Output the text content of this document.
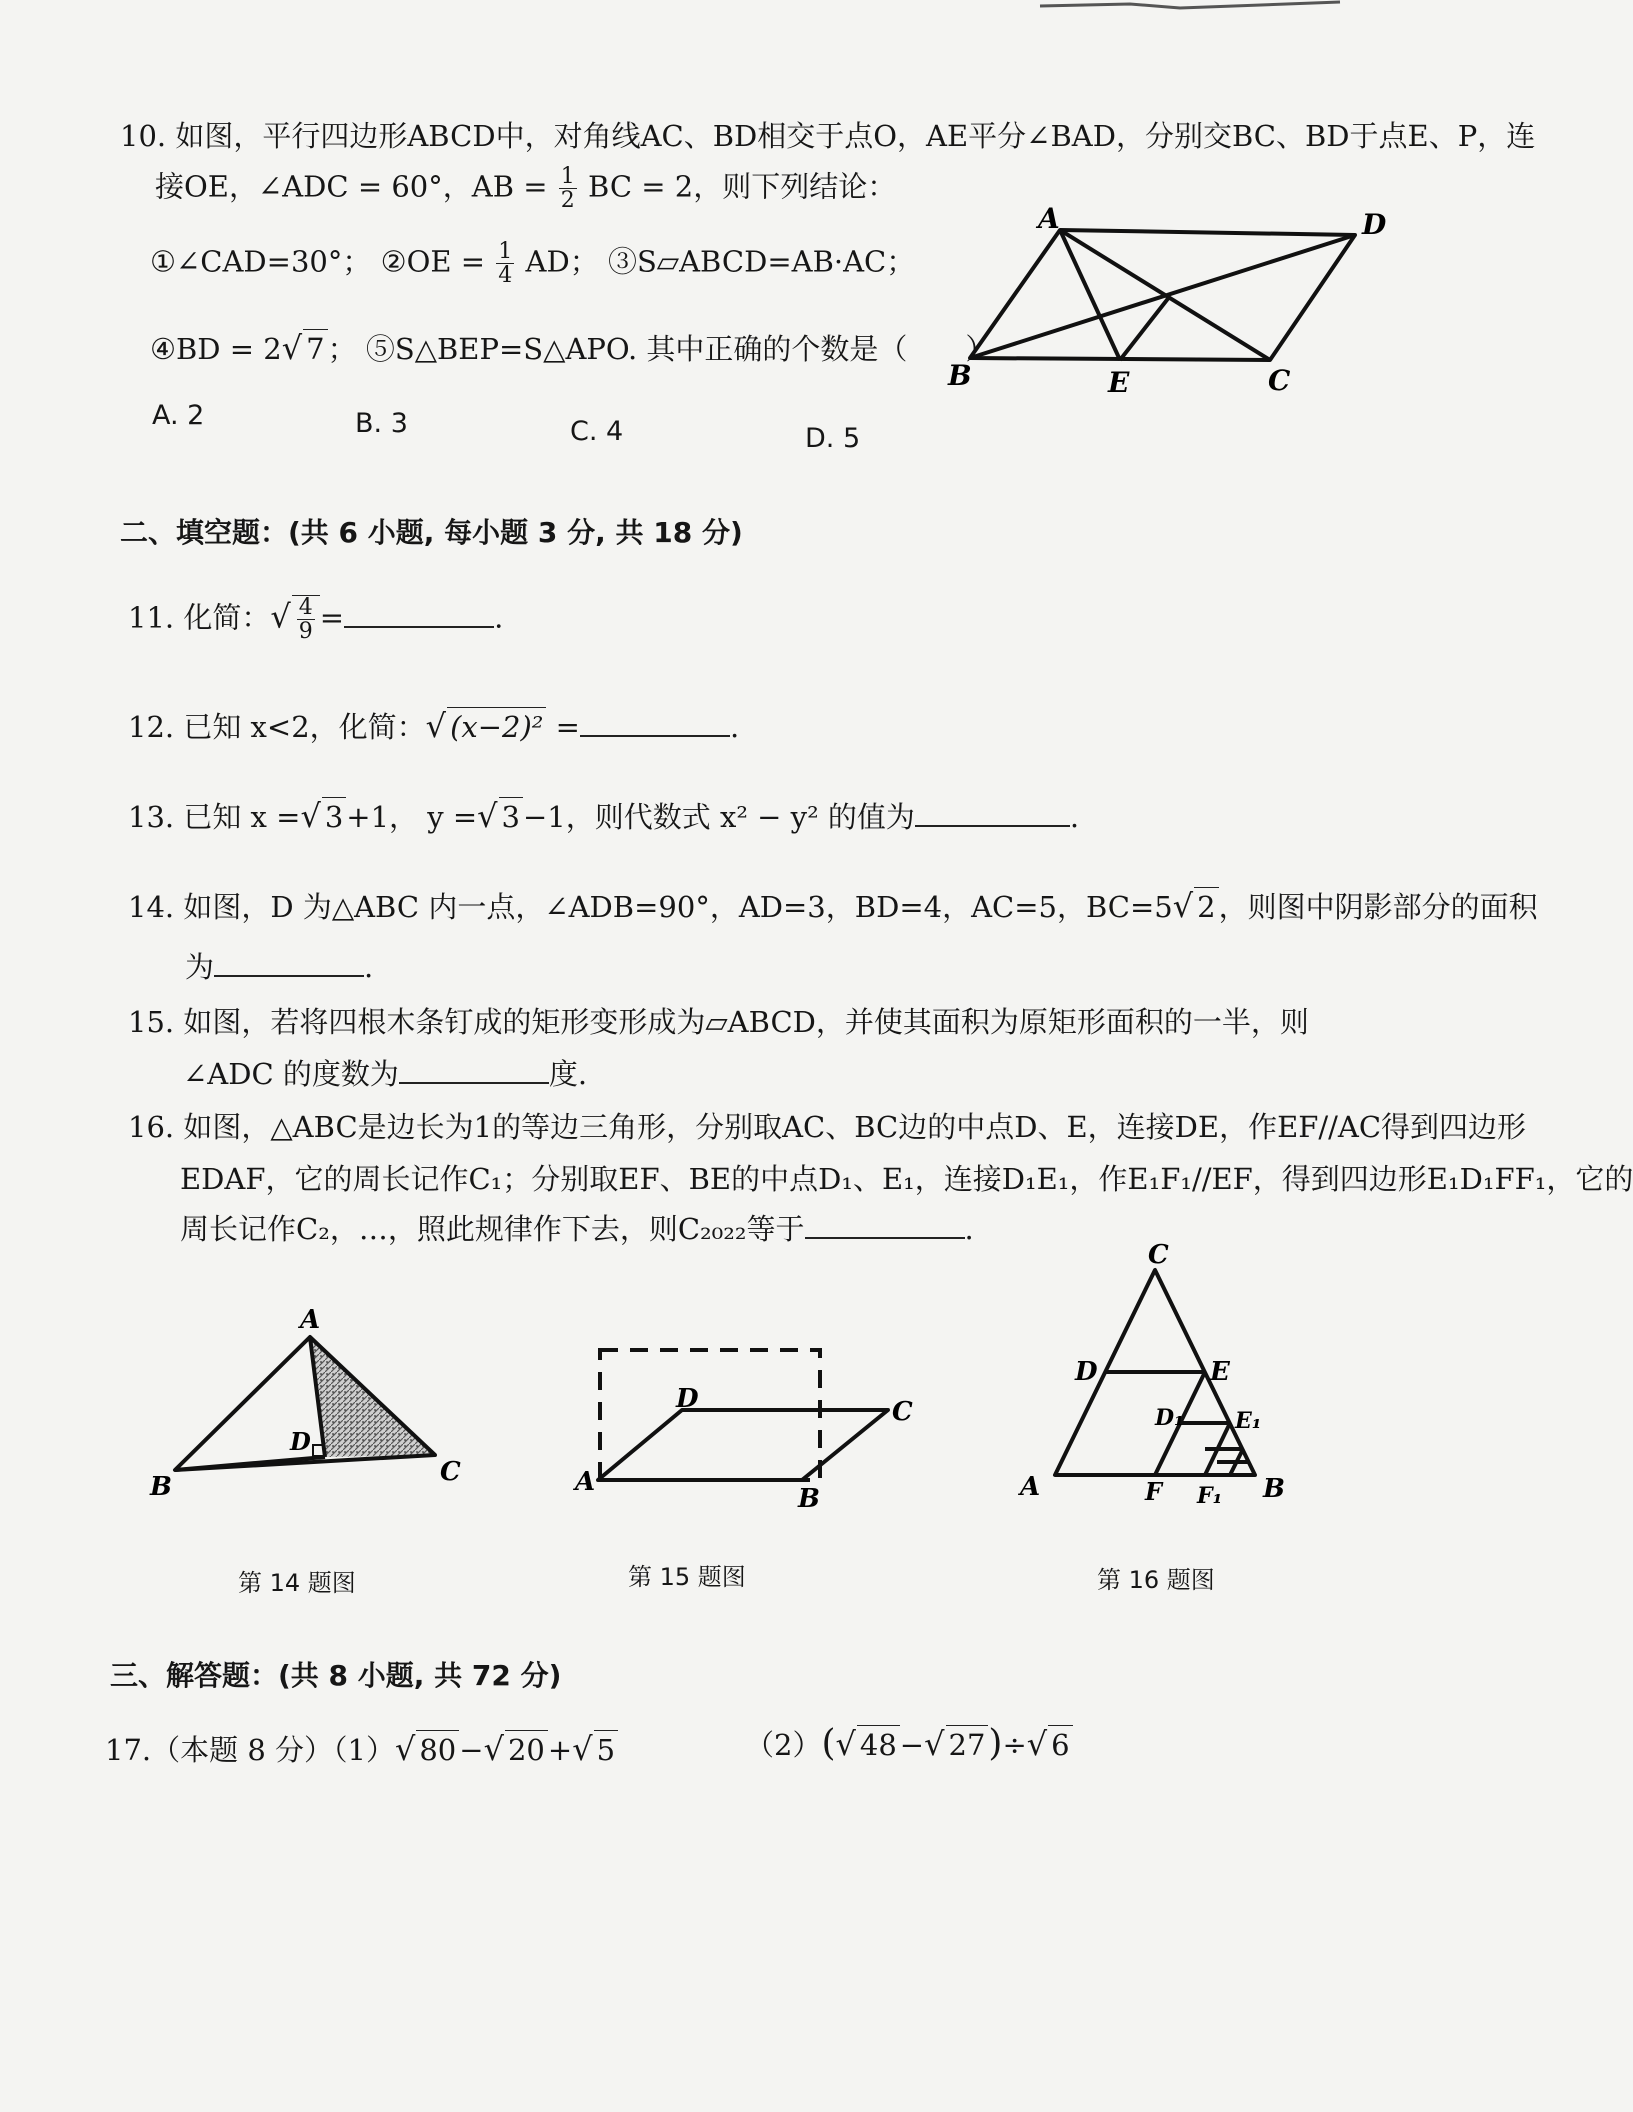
10. 如图，平行四边形ABCD中，对角线AC、BD相交于点O，AE平分∠BAD，分别交BC、BD于点E、P，连
接OE，∠ADC = 60°，AB = $\frac{1}{2}$ BC = 2，则下列结论：
①∠CAD=30°； ②OE = $\frac{1}{4}$ AD； ③S▱ABCD=AB·AC；
④BD = 2√ 7 ； ⑤S△BEP=S△APO. 其中正确的个数是（　　）
A. 2	B. 3	C. 4	D. 5
A	D
B	E	C
二、填空题：(共 6 小题, 每小题 3 分, 共 18 分)
11. 化简：√ $\frac{4}{9}$ =	.
12. 已知 x<2，化简：√ (x−2)² =	.
13. 已知 x =√ 3 +1， y =√ 3 −1，则代数式 x² − y² 的值为	.
14. 如图，D 为△ABC 内一点，∠ADB=90°，AD=3，BD=4，AC=5，BC=5√ 2 ，则图中阴影部分的面积
为	.
15. 如图，若将四根木条钉成的矩形变形成为▱ABCD，并使其面积为原矩形面积的一半，则
∠ADC 的度数为	度.
16. 如图，△ABC是边长为1的等边三角形，分别取AC、BC边的中点D、E，连接DE，作EF//AC得到四边形
EDAF，它的周长记作C₁；分别取EF、BE的中点D₁、E₁，连接D₁E₁，作E₁F₁//EF，得到四边形E₁D₁FF₁，它的
周长记作C₂，…，照此规律作下去，则C₂₀₂₂等于	.
A
D
B	C
第 14 题图
D	C
A
B
第 15 题图
C
D	E
D₁ E₁
A	F F₁ B
第 16 题图
三、解答题：(共 8 小题, 共 72 分)
17.（本题 8 分）（1）√ 80 −√ 20 +√ 5	（2）(√ 48 −√ 27)÷√ 6
